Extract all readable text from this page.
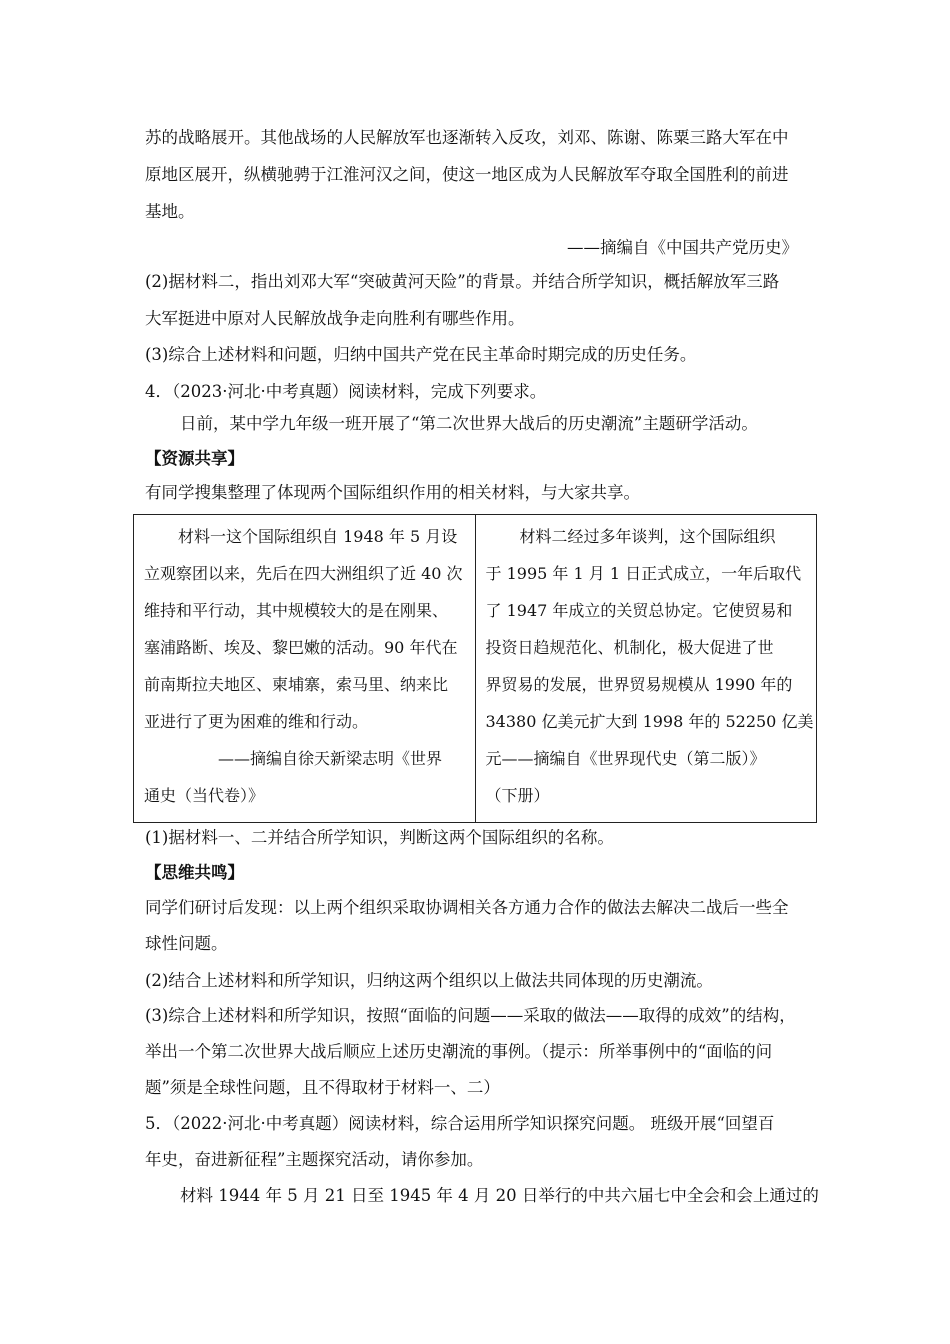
苏的战略展开。其他战场的人民解放军也逐渐转入反攻，刘邓、陈谢、陈粟三路大军在中
原地区展开，纵横驰骋于江淮河汉之间，使这一地区成为人民解放军夺取全国胜利的前进
基地。
——摘编自《中国共产党历史》
(2)据材料二，指出刘邓大军“突破黄河天险”的背景。并结合所学知识，概括解放军三路
大军挺进中原对人民解放战争走向胜利有哪些作用。
(3)综合上述材料和问题，归纳中国共产党在民主革命时期完成的历史任务。
4．（2023·河北·中考真题）阅读材料，完成下列要求。
日前，某中学九年级一班开展了“第二次世界大战后的历史潮流”主题研学活动。
【资源共享】
有同学搜集整理了体现两个国际组织作用的相关材料，与大家共享。
材料一这个国际组织自 1948 年 5 月设
立观察团以来，先后在四大洲组织了近 40 次
维持和平行动，其中规模较大的是在刚果、
塞浦路断、埃及、黎巴嫩的活动。90 年代在
前南斯拉夫地区、柬埔寨，索马里、纳来比
亚进行了更为困难的维和行动。
——摘编自徐天新梁志明《世界
通史（当代卷）》

材料二经过多年谈判，这个国际组织
于 1995 年 1 月 1 日正式成立，一年后取代
了 1947 年成立的关贸总协定。它使贸易和
投资日趋规范化、机制化，极大促进了世
界贸易的发展，世界贸易规模从 1990 年的
34380 亿美元扩大到 1998 年的 52250 亿美
元——摘编自《世界现代史（第二版）》
（下册）
(1)据材料一、二并结合所学知识，判断这两个国际组织的名称。
【思维共鸣】
同学们研讨后发现：以上两个组织采取协调相关各方通力合作的做法去解决二战后一些全
球性问题。
(2)结合上述材料和所学知识，归纳这两个组织以上做法共同体现的历史潮流。
(3)综合上述材料和所学知识，按照“面临的问题——采取的做法——取得的成效”的结构，
举出一个第二次世界大战后顺应上述历史潮流的事例。（提示：所举事例中的“面临的问
题”须是全球性问题，且不得取材于材料一、二）
5．（2022·河北·中考真题）阅读材料，综合运用所学知识探究问题。 班级开展“回望百
年史，奋进新征程”主题探究活动，请你参加。
材料 1944 年 5 月 21 日至 1945 年 4 月 20 日举行的中共六届七中全会和会上通过的
